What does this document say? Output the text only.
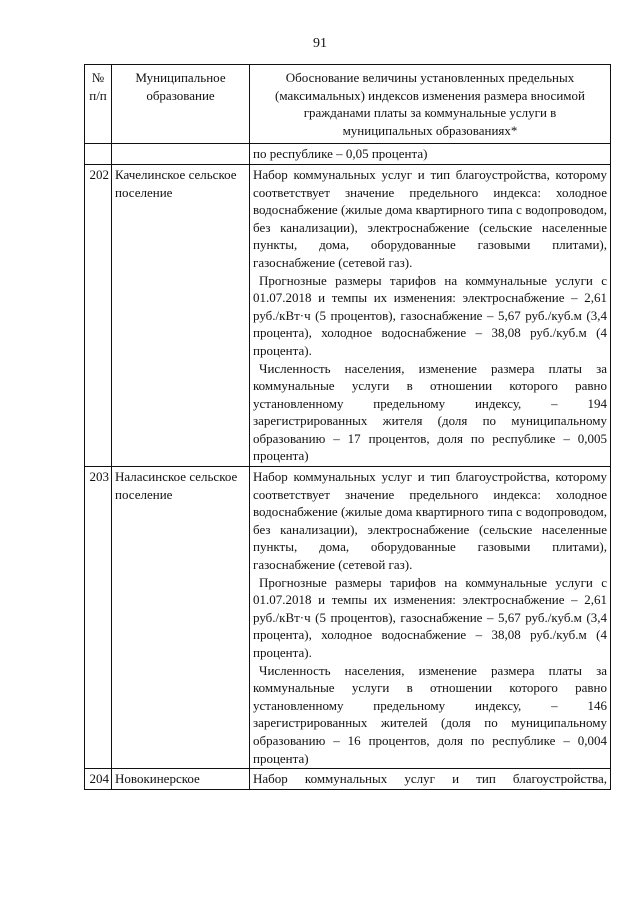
91
№ п/п	Муниципальное образование	Обоснование величины установленных предельных (максимальных) индексов изменения размера вносимой гражданами платы за коммунальные услуги в муниципальных образованиях*
		по республике – 0,05 процента)
202	Качелинское сельское поселение	Набор коммунальных услуг и тип благоустройства, которому соответствует значение предельного индекса: холодное водоснабжение (жилые дома квартирного типа с водопроводом, без канализации), электроснабжение (сельские населенные пункты, дома, оборудованные газовыми плитами), газоснабжение (сетевой газ).
Прогнозные размеры тарифов на коммунальные услуги с 01.07.2018 и темпы их изменения: электроснабжение – 2,61 руб./кВт·ч (5 процентов), газоснабжение – 5,67 руб./куб.м (3,4 процента), холодное водоснабжение – 38,08 руб./куб.м (4 процента).
Численность населения, изменение размера платы за коммунальные услуги в отношении которого равно установленному предельному индексу, – 194 зарегистрированных жителя (доля по муниципальному образованию – 17 процентов, доля по республике – 0,005 процента)

203	Наласинское сельское поселение	Набор коммунальных услуг и тип благоустройства, которому соответствует значение предельного индекса: холодное водоснабжение (жилые дома квартирного типа с водопроводом, без канализации), электроснабжение (сельские населенные пункты, дома, оборудованные газовыми плитами), газоснабжение (сетевой газ).
Прогнозные размеры тарифов на коммунальные услуги с 01.07.2018 и темпы их изменения: электроснабжение – 2,61 руб./кВт·ч (5 процентов), газоснабжение – 5,67 руб./куб.м (3,4 процента), холодное водоснабжение – 38,08 руб./куб.м (4 процента).
Численность населения, изменение размера платы за коммунальные услуги в отношении которого равно установленному предельному индексу, – 146 зарегистрированных жителей (доля по муниципальному образованию – 16 процентов, доля по республике – 0,004 процента)

204	Новокинерское	Набор коммунальных услуг и тип благоустройства,
